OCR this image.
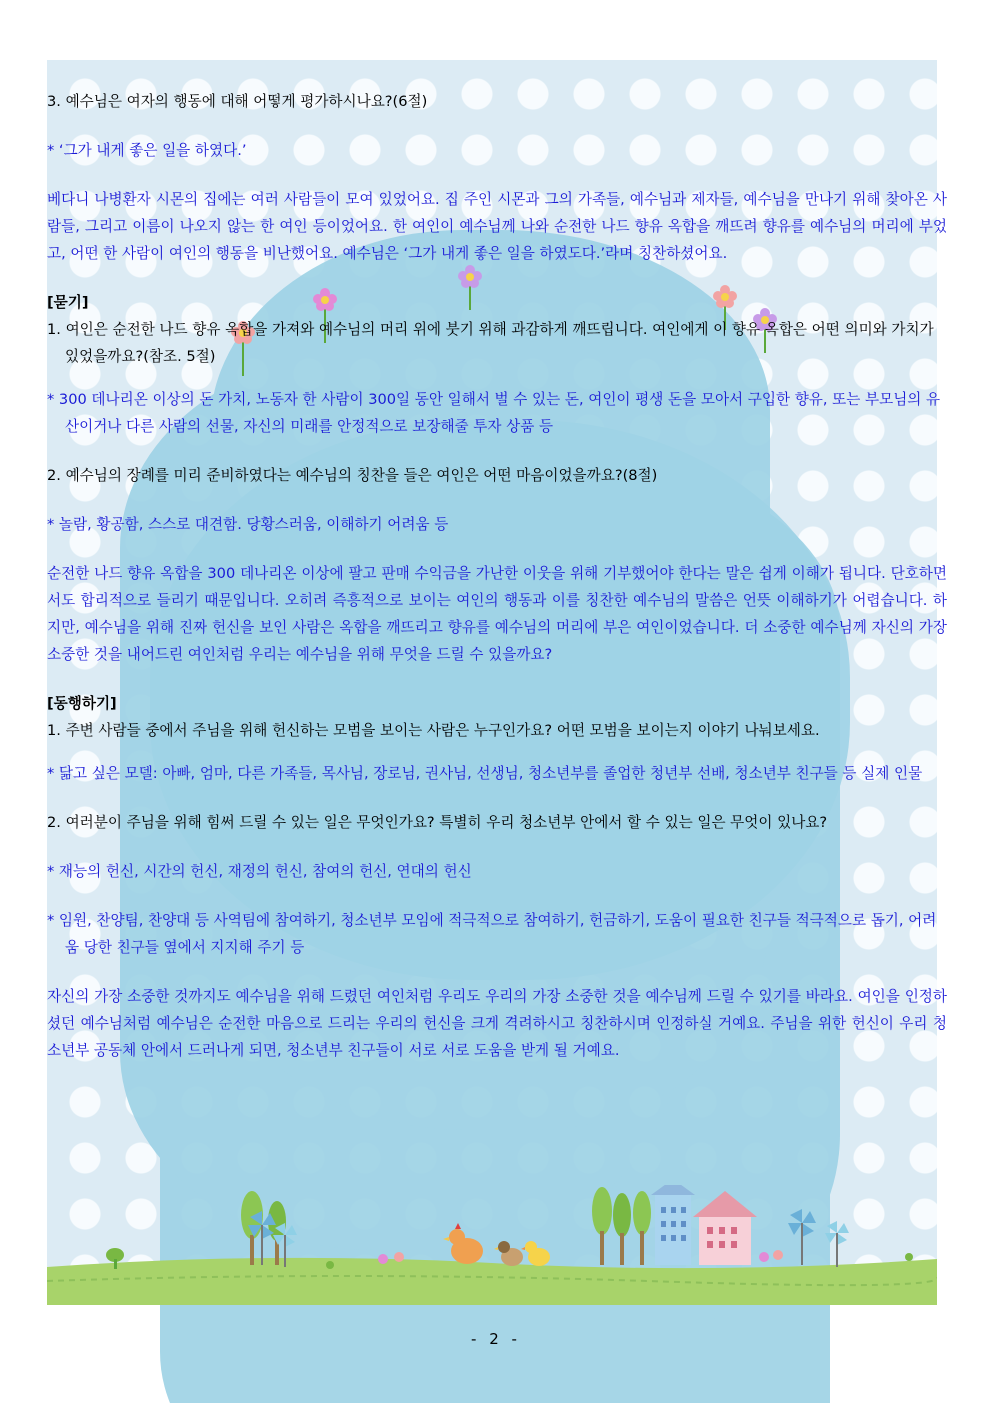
3. 예수님은 여자의 행동에 대해 어떻게 평가하시나요?(6절)

* ‘그가 내게 좋은 일을 하였다.’

베다니 나병환자 시몬의 집에는 여러 사람들이 모여 있었어요. 집 주인 시몬과 그의 가족들, 예수님과 제자들, 예수님을 만나기 위해 찾아온 사람들, 그리고 이름이 나오지 않는 한 여인 등이었어요. 한 여인이 예수님께 나와 순전한 나드 향유 옥합을 깨뜨려 향유를 예수님의 머리에 부었고, 어떤 한 사람이 여인의 행동을 비난했어요. 예수님은 ‘그가 내게 좋은 일을 하였도다.’라며 칭찬하셨어요.

[묻기]

1. 여인은 순전한 나드 향유 옥합을 가져와 예수님의 머리 위에 붓기 위해 과감하게 깨뜨립니다. 여인에게 이 향유 옥합은 어떤 의미와 가치가 있었을까요?(참조. 5절)

* 300 데나리온 이상의 돈 가치, 노동자 한 사람이 300일 동안 일해서 벌 수 있는 돈, 여인이 평생 돈을 모아서 구입한 향유, 또는 부모님의 유산이거나 다른 사람의 선물, 자신의 미래를 안정적으로 보장해줄 투자 상품 등

2. 예수님의 장례를 미리 준비하였다는 예수님의 칭찬을 들은 여인은 어떤 마음이었을까요?(8절)

* 놀람, 황공함, 스스로 대견함. 당황스러움, 이해하기 어려움 등

순전한 나드 향유 옥합을 300 데나리온 이상에 팔고 판매 수익금을 가난한 이웃을 위해 기부했어야 한다는 말은 쉽게 이해가 됩니다. 단호하면서도 합리적으로 들리기 때문입니다. 오히려 즉흥적으로 보이는 여인의 행동과 이를 칭찬한 예수님의 말씀은 언뜻 이해하기가 어렵습니다. 하지만, 예수님을 위해 진짜 헌신을 보인 사람은 옥합을 깨뜨리고 향유를 예수님의 머리에 부은 여인이었습니다. 더 소중한 예수님께 자신의 가장 소중한 것을 내어드린 여인처럼 우리는 예수님을 위해 무엇을 드릴 수 있을까요?

[동행하기]

1. 주변 사람들 중에서 주님을 위해 헌신하는 모범을 보이는 사람은 누구인가요? 어떤 모범을 보이는지 이야기 나눠보세요.

* 닮고 싶은 모델: 아빠, 엄마, 다른 가족들, 목사님, 장로님, 권사님, 선생님, 청소년부를 졸업한 청년부 선배, 청소년부 친구들 등 실제 인물

2. 여러분이 주님을 위해 힘써 드릴 수 있는 일은 무엇인가요? 특별히 우리 청소년부 안에서 할 수 있는 일은 무엇이 있나요?

* 재능의 헌신, 시간의 헌신, 재정의 헌신, 참여의 헌신, 연대의 헌신

* 임원, 찬양팀, 찬양대 등 사역팀에 참여하기, 청소년부 모임에 적극적으로 참여하기, 헌금하기, 도움이 필요한 친구들 적극적으로 돕기, 어려움 당한 친구들 옆에서 지지해 주기 등

자신의 가장 소중한 것까지도 예수님을 위해 드렸던 여인처럼 우리도 우리의 가장 소중한 것을 예수님께 드릴 수 있기를 바라요. 여인을 인정하셨던 예수님처럼 예수님은 순전한 마음으로 드리는 우리의 헌신을 크게 격려하시고 칭찬하시며 인정하실 거예요. 주님을 위한 헌신이 우리 청소년부 공동체 안에서 드러나게 되면, 청소년부 친구들이 서로 서로 도움을 받게 될 거예요.

- 2 -
